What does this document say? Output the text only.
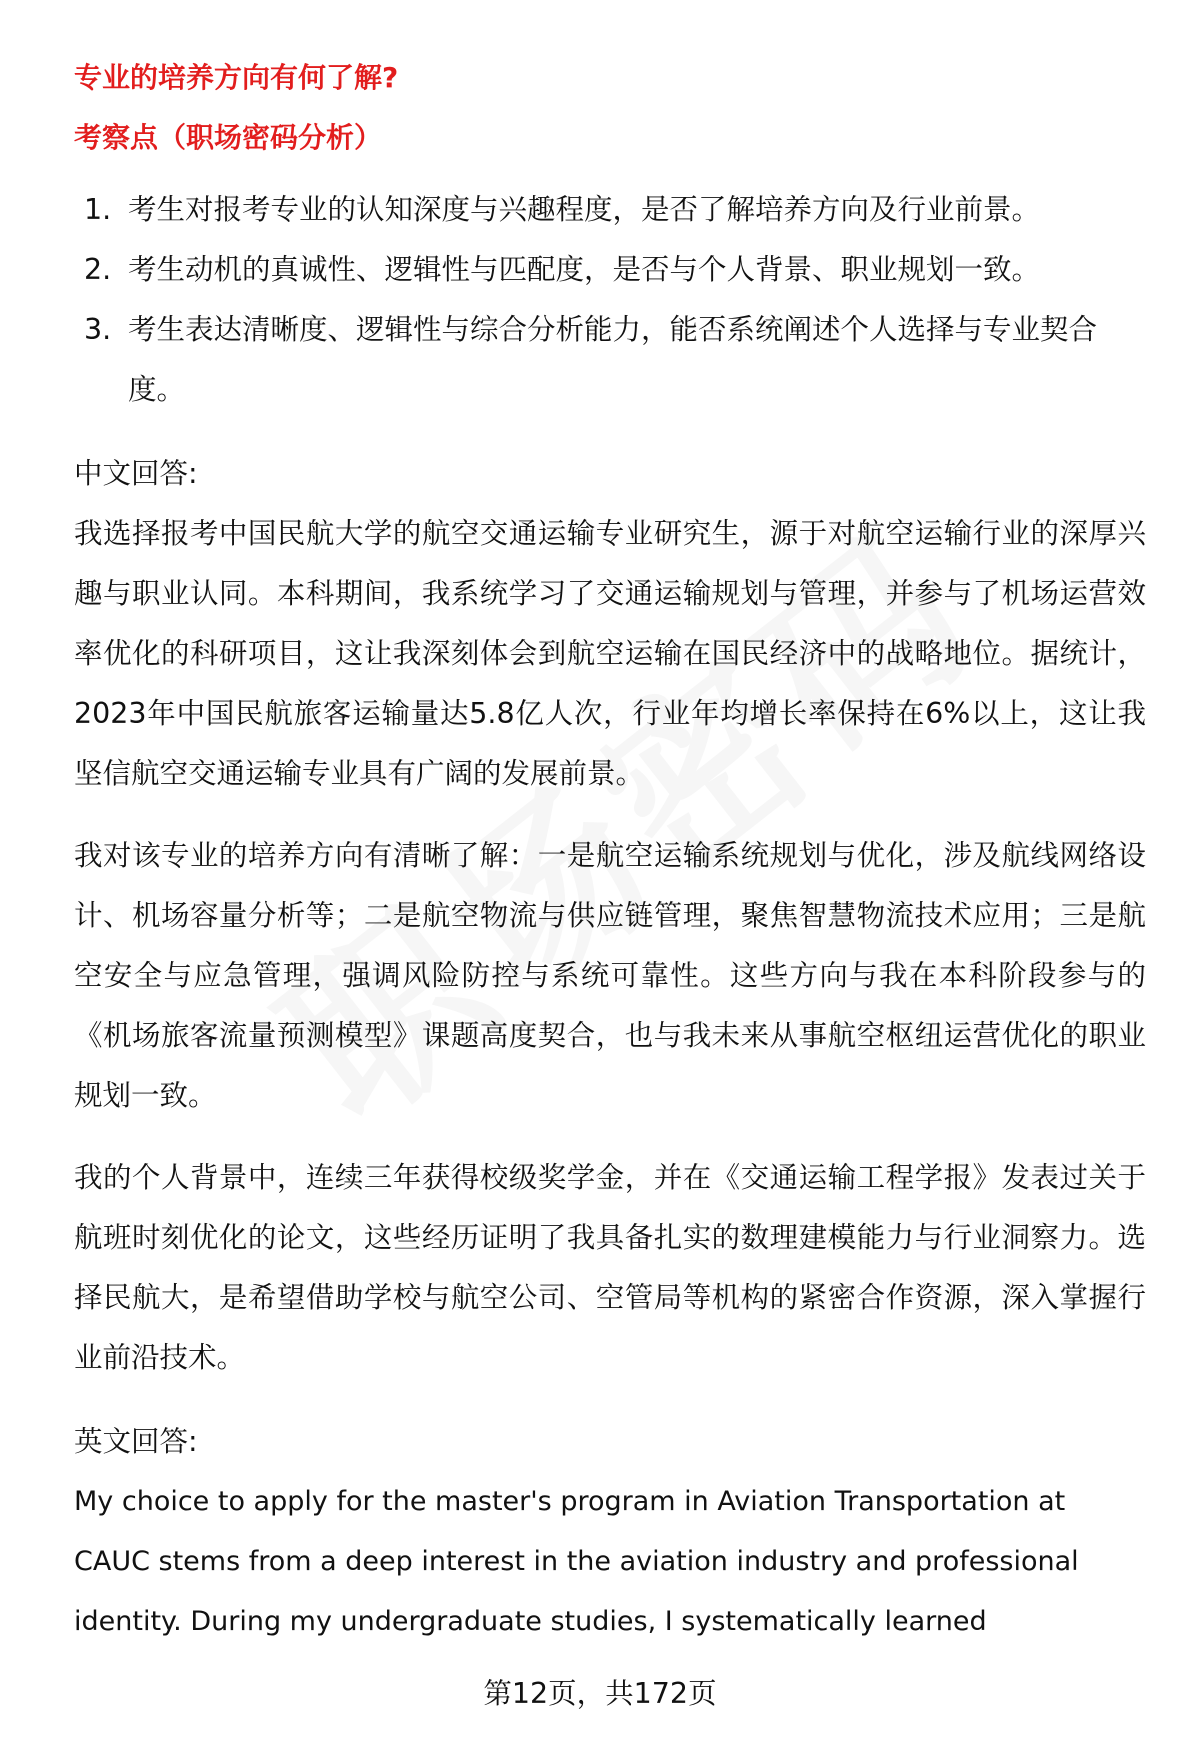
专业的培养方向有何了解?
考察点（职场密码分析）
1. 考生对报考专业的认知深度与兴趣程度，是否了解培养方向及行业前景。
2. 考生动机的真诚性、逻辑性与匹配度，是否与个人背景、职业规划一致。
3. 考生表达清晰度、逻辑性与综合分析能力，能否系统阐述个人选择与专业契合度。
中文回答:

我选择报考中国民航大学的航空交通运输专业研究生，源于对航空运输行业的深厚兴趣与职业认同。本科期间，我系统学习了交通运输规划与管理，并参与了机场运营效率优化的科研项目，这让我深刻体会到航空运输在国民经济中的战略地位。据统计，2023年中国民航旅客运输量达5.8亿人次，行业年均增长率保持在6%以上，这让我坚信航空交通运输专业具有广阔的发展前景。

我对该专业的培养方向有清晰了解：一是航空运输系统规划与优化，涉及航线网络设计、机场容量分析等；二是航空物流与供应链管理，聚焦智慧物流技术应用；三是航空安全与应急管理，强调风险防控与系统可靠性。这些方向与我在本科阶段参与的《机场旅客流量预测模型》课题高度契合，也与我未来从事航空枢纽运营优化的职业规划一致。

我的个人背景中，连续三年获得校级奖学金，并在《交通运输工程学报》发表过关于航班时刻优化的论文，这些经历证明了我具备扎实的数理建模能力与行业洞察力。选择民航大，是希望借助学校与航空公司、空管局等机构的紧密合作资源，深入掌握行业前沿技术。

英文回答:

My choice to apply for the master's program in Aviation Transportation at

CAUC stems from a deep interest in the aviation industry and professional

identity. During my undergraduate studies, I systematically learned

第12页，共172页
